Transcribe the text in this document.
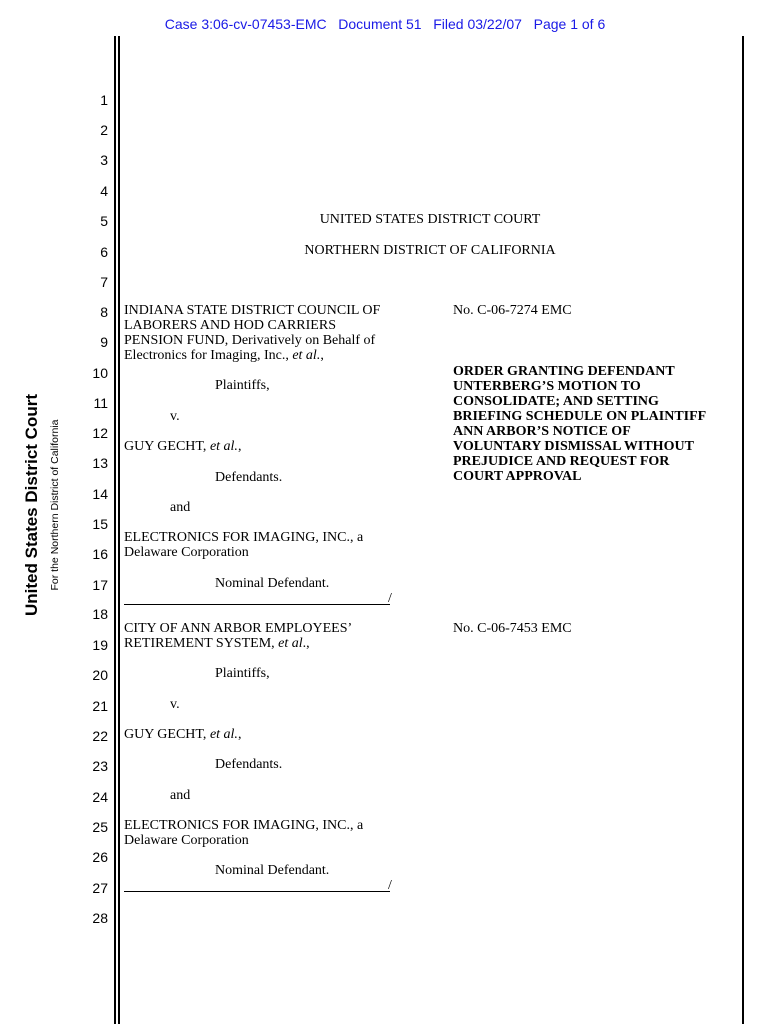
Case 3:06-cv-07453-EMC   Document 51   Filed 03/22/07   Page 1 of 6
United States District Court For the Northern District of California
1
2
3
4
5
6
7
8
9
10
11
12
13
14
15
16
17
18
19
20
21
22
23
24
25
26
27
28
UNITED STATES DISTRICT COURT
NORTHERN DISTRICT OF CALIFORNIA
INDIANA STATE DISTRICT COUNCIL OF
LABORERS AND HOD CARRIERS
PENSION FUND, Derivatively on Behalf of
Electronics for Imaging, Inc., et al.,
Plaintiffs,
v.
GUY GECHT, et al.,
Defendants.
and
ELECTRONICS FOR IMAGING, INC., a
Delaware Corporation
Nominal Defendant.
/
No. C-06-7274 EMC
ORDER GRANTING DEFENDANT
UNTERBERG’S MOTION TO
CONSOLIDATE; AND SETTING
BRIEFING SCHEDULE ON PLAINTIFF
ANN ARBOR’S NOTICE OF
VOLUNTARY DISMISSAL WITHOUT
PREJUDICE AND REQUEST FOR
COURT APPROVAL
CITY OF ANN ARBOR EMPLOYEES’
RETIREMENT SYSTEM, et al.,
Plaintiffs,
v.
GUY GECHT, et al.,
Defendants.
and
ELECTRONICS FOR IMAGING, INC., a
Delaware Corporation
Nominal Defendant.
/
No. C-06-7453 EMC
